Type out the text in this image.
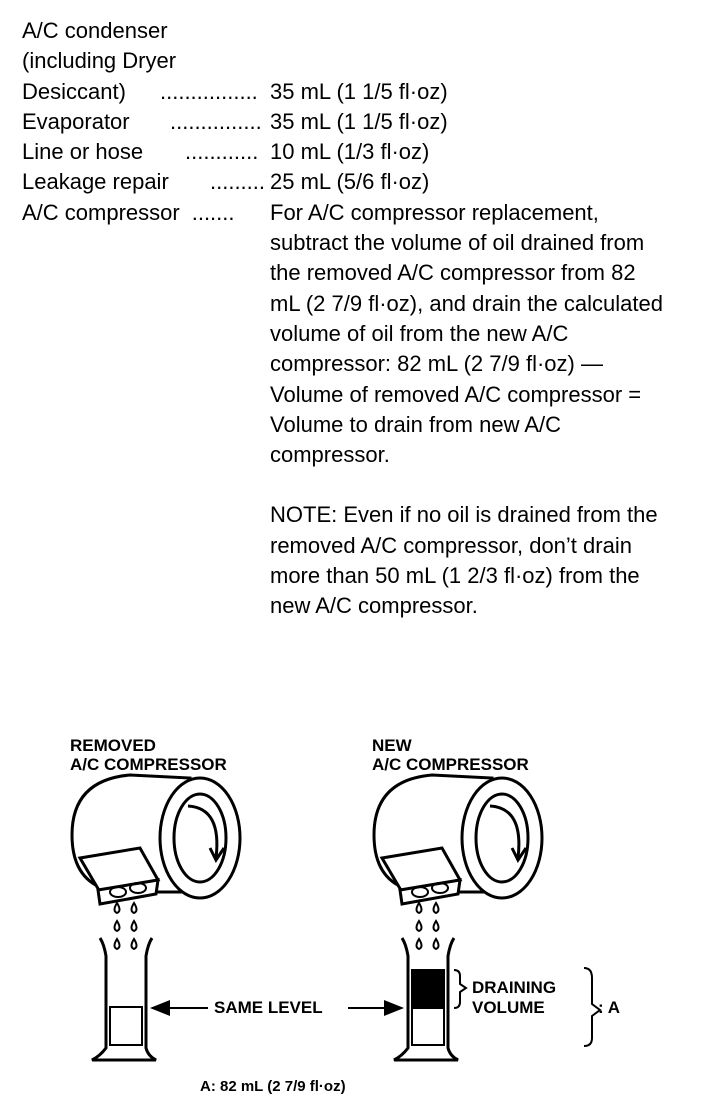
A/C condenser
(including Dryer
Desiccant)	................ 35 mL (1 1/5 fl·oz)
Evaporator	............... 35 mL (1 1/5 fl·oz)
Line or hose	............ 10 mL (1/3 fl·oz)
Leakage repair	......... 25 mL (5/6 fl·oz)
A/C compressor .......	For A/C compressor replacement, subtract the volume of oil drained from the removed A/C compressor from 82 mL (2 7/9 fl·oz), and drain the calculated volume of oil from the new A/C compressor: 82 mL (2 7/9 fl·oz) — Volume of removed A/C compressor = Volume to drain from new A/C compressor.

NOTE: Even if no oil is drained from the removed A/C compressor, don’t drain more than 50 mL (1 2/3 fl·oz) from the new A/C compressor.

REMOVED
A/C COMPRESSOR
NEW
A/C COMPRESSOR
SAME LEVEL
DRAINING
VOLUME	: A
A: 82 mL (2 7/9 fl·oz)
